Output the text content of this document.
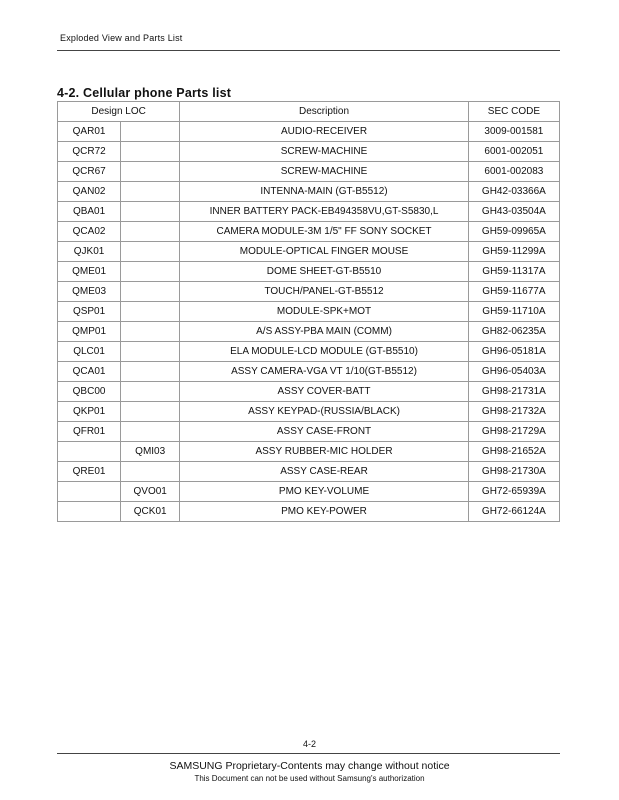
Exploded View and Parts List
4-2. Cellular phone Parts list
Design LOC		Description	SEC CODE
QAR01		AUDIO-RECEIVER	3009-001581
QCR72		SCREW-MACHINE	6001-002051
QCR67		SCREW-MACHINE	6001-002083
QAN02		INTENNA-MAIN (GT-B5512)	GH42-03366A
QBA01		INNER BATTERY PACK-EB494358VU,GT-S5830,L	GH43-03504A
QCA02		CAMERA MODULE-3M 1/5" FF SONY SOCKET	GH59-09965A
QJK01		MODULE-OPTICAL FINGER MOUSE	GH59-11299A
QME01		DOME SHEET-GT-B5510	GH59-11317A
QME03		TOUCH/PANEL-GT-B5512	GH59-11677A
QSP01		MODULE-SPK+MOT	GH59-11710A
QMP01		A/S ASSY-PBA MAIN (COMM)	GH82-06235A
QLC01		ELA MODULE-LCD MODULE (GT-B5510)	GH96-05181A
QCA01		ASSY CAMERA-VGA VT 1/10(GT-B5512)	GH96-05403A
QBC00		ASSY COVER-BATT	GH98-21731A
QKP01		ASSY KEYPAD-(RUSSIA/BLACK)	GH98-21732A
QFR01		ASSY CASE-FRONT	GH98-21729A
	QMI03	ASSY RUBBER-MIC HOLDER	GH98-21652A
QRE01		ASSY CASE-REAR	GH98-21730A
	QVO01	PMO KEY-VOLUME	GH72-65939A
	QCK01	PMO KEY-POWER	GH72-66124A
4-2
SAMSUNG Proprietary-Contents may change without notice
This Document can not be used without Samsung's authorization
